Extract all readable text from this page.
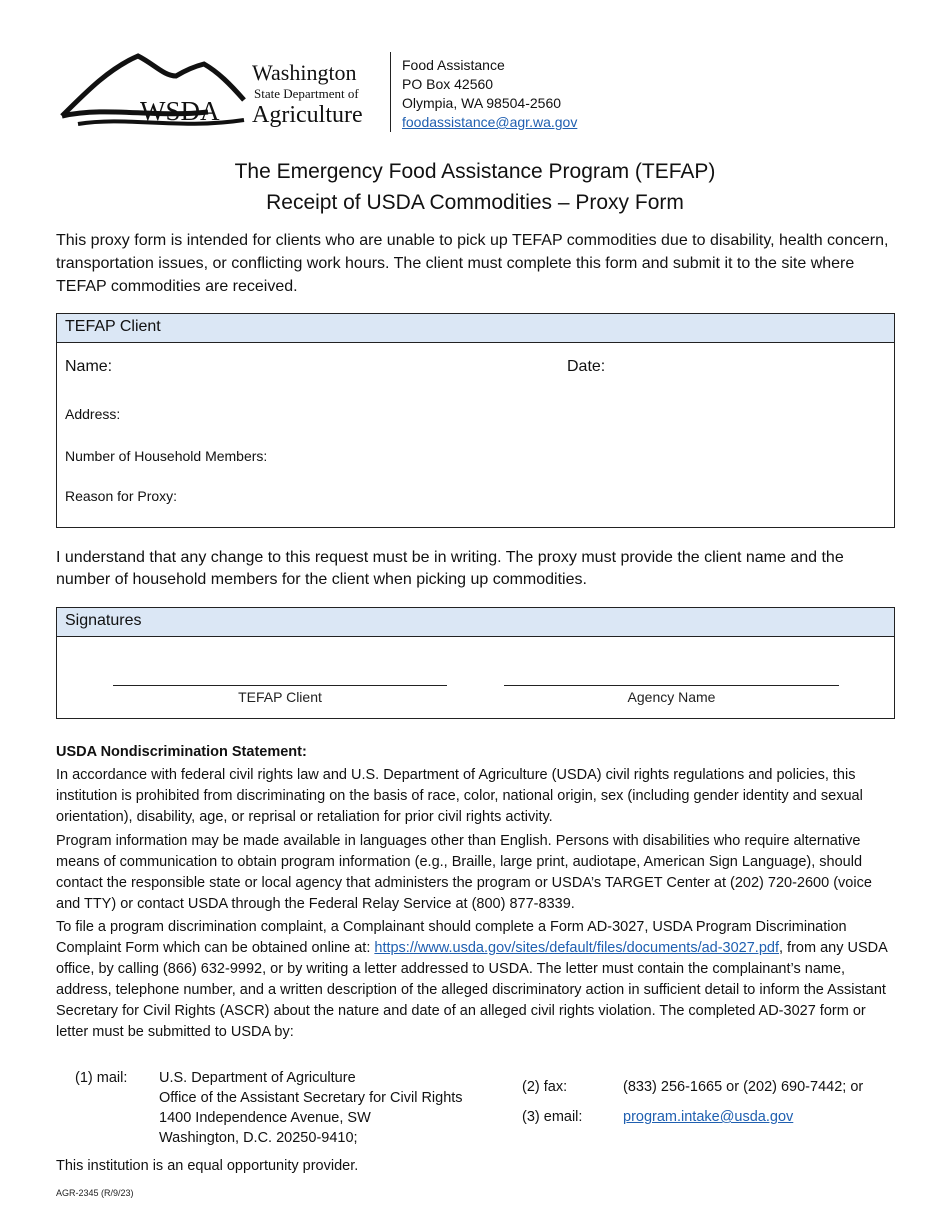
WSDA
Washington
State Department of
Agriculture
Food Assistance
PO Box 42560
Olympia, WA 98504-2560
foodassistance@agr.wa.gov
The Emergency Food Assistance Program (TEFAP)
Receipt of USDA Commodities – Proxy Form
This proxy form is intended for clients who are unable to pick up TEFAP commodities due to disability, health concern, transportation issues, or conflicting work hours. The client must complete this form and submit it to the site where TEFAP commodities are received.
TEFAP Client
Name:	Date:
Address:
Number of Household Members:
Reason for Proxy:
I understand that any change to this request must be in writing. The proxy must provide the client name and the number of household members for the client when picking up commodities.
Signatures
TEFAP Client	Agency Name
USDA Nondiscrimination Statement:
In accordance with federal civil rights law and U.S. Department of Agriculture (USDA) civil rights regulations and policies, this institution is prohibited from discriminating on the basis of race, color, national origin, sex (including gender identity and sexual orientation), disability, age, or reprisal or retaliation for prior civil rights activity.
Program information may be made available in languages other than English. Persons with disabilities who require alternative means of communication to obtain program information (e.g., Braille, large print, audiotape, American Sign Language), should contact the responsible state or local agency that administers the program or USDA’s TARGET Center at (202) 720-2600 (voice and TTY) or contact USDA through the Federal Relay Service at (800) 877-8339.
To file a program discrimination complaint, a Complainant should complete a Form AD-3027, USDA Program Discrimination Complaint Form which can be obtained online at: https://www.usda.gov/sites/default/files/documents/ad-3027.pdf, from any USDA office, by calling (866) 632-9992, or by writing a letter addressed to USDA. The letter must contain the complainant’s name, address, telephone number, and a written description of the alleged discriminatory action in sufficient detail to inform the Assistant Secretary for Civil Rights (ASCR) about the nature and date of an alleged civil rights violation. The completed AD-3027 form or letter must be submitted to USDA by:
(1) mail: U.S. Department of Agriculture
Office of the Assistant Secretary for Civil Rights
1400 Independence Avenue, SW
Washington, D.C. 20250-9410;
(2) fax:	(833) 256-1665 or (202) 690-7442; or
(3) email:	program.intake@usda.gov
This institution is an equal opportunity provider.
AGR-2345 (R/9/23)
